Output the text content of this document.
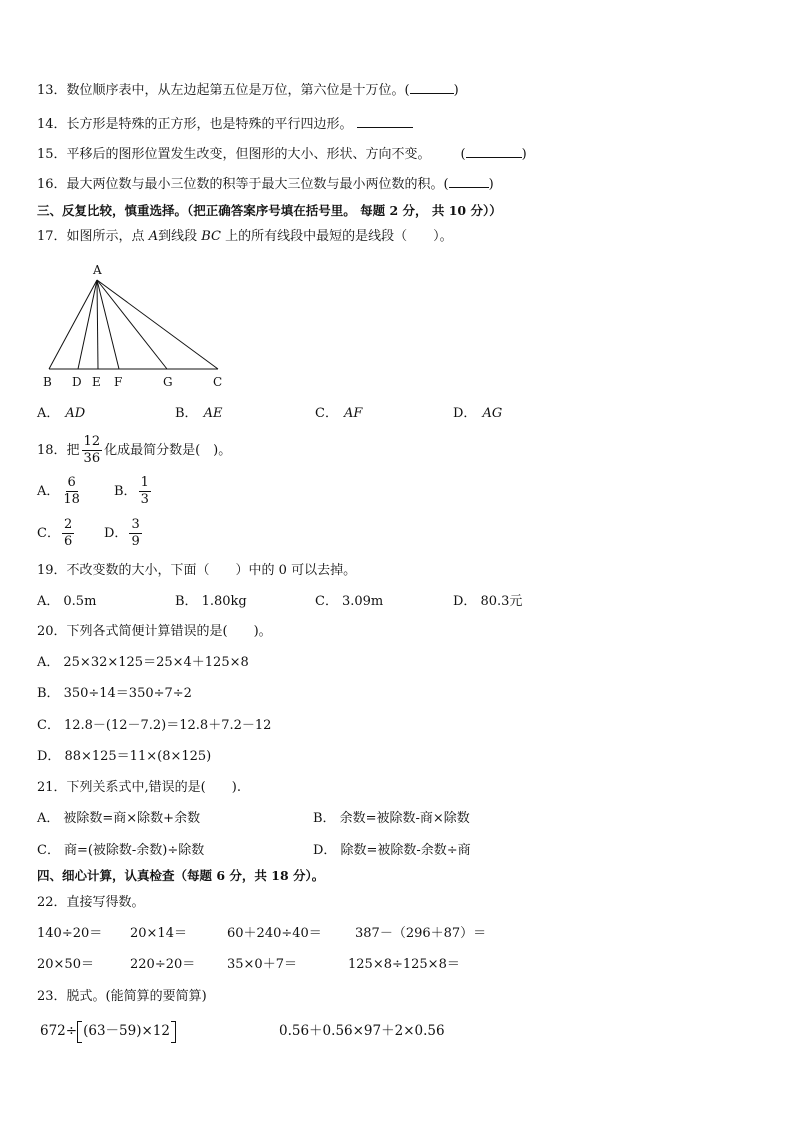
13．数位顺序表中，从左边起第五位是万位，第六位是十万位。(	)
14．长方形是特殊的正方形，也是特殊的平行四边形。
15．平移后的图形位置发生改变，但图形的大小、形状、方向不变。 (	)
16．最大两位数与最小三位数的积等于最大三位数与最小两位数的积。(	)
三、反复比较，慎重选择。（把正确答案序号填在括号里。 每题 2 分， 共 10 分））
17．如图所示，点 A到线段 BC 上的所有线段中最短的是线段（　　）。
A
B D E F	G	C
A． AD	B． AE	C． AF	D． AG
18．把 $\frac{12}{36}$ 化成最简分数是(　)。
A． $\frac{6}{18}$ B． $\frac{1}{3}$
C． $\frac{2}{6}$ D． $\frac{3}{9}$
19．不改变数的大小，下面（　　）中的 0 可以去掉。
A． 0.5m	B． 1.80kg	C． 3.09m	D． 80.3元
20．下列各式简便计算错误的是(　　)。
A． 25×32×125＝25×4＋125×8
B． 350÷14＝350÷7÷2
C． 12.8－(12－7.2)＝12.8＋7.2－12
D． 88×125＝11×(8×125)
21．下列关系式中,错误的是(　　).
A． 被除数=商×除数+余数	B． 余数=被除数-商×除数
C． 商=(被除数-余数)÷除数	D． 除数=被除数-余数÷商
四、细心计算，认真检查（每题 6 分，共 18 分）。
22．直接写得数。
140÷20＝ 20×14＝	60＋240÷40＝	387－（296＋87）＝
20×50＝	220÷20＝ 35×0＋7＝	125×8÷125×8＝
23．脱式。(能简算的要简算)
672÷ (63－59)×12	0.56＋0.56×97＋2×0.56
